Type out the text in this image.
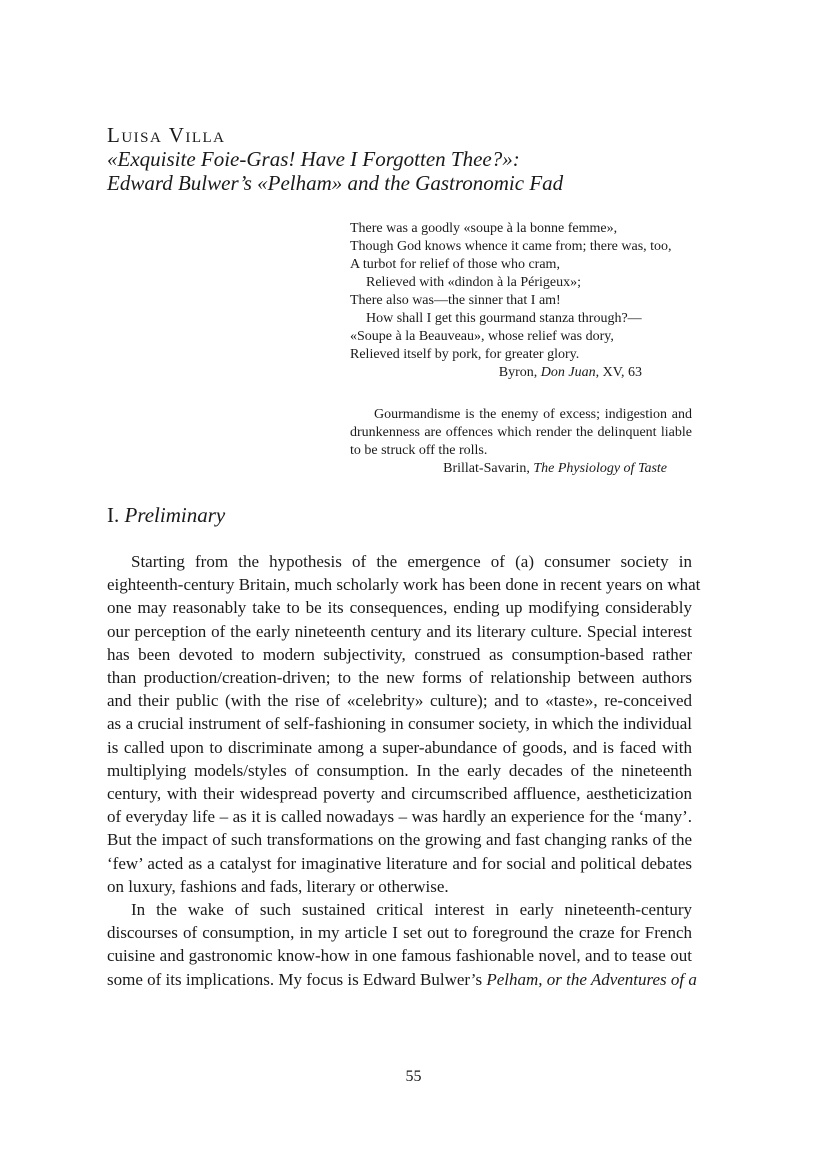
Luisa Villa

«Exquisite Foie-Gras! Have I Forgotten Thee?»:

Edward Bulwer’s «Pelham» and the Gastronomic Fad

There was a goodly «soupe à la bonne femme»,
Though God knows whence it came from; there was, too,
A turbot for relief of those who cram,
Relieved with «dindon à la Périgeux»;
There also was—the sinner that I am!
How shall I get this gourmand stanza through?—
«Soupe à la Beauveau», whose relief was dory,
Relieved itself by pork, for greater glory.
Byron, Don Juan, XV, 63

Gourmandisme is the enemy of excess; indigestion and drunkenness are offences which render the delinquent liable to be struck off the rolls.

Brillat-Savarin, The Physiology of Taste
I. Preliminary
Starting from the hypothesis of the emergence of (a) consumer society in
eighteenth-century Britain, much scholarly work has been done in recent years on what
one may reasonably take to be its consequences, ending up modifying considerably
our perception of the early nineteenth century and its literary culture. Special interest
has been devoted to modern subjectivity, construed as consumption-based rather
than production/creation-driven; to the new forms of relationship between authors
and their public (with the rise of «celebrity» culture); and to «taste», re-conceived
as a crucial instrument of self-fashioning in consumer society, in which the individual
is called upon to discriminate among a super-abundance of goods, and is faced with
multiplying models/styles of consumption. In the early decades of the nineteenth
century, with their widespread poverty and circumscribed affluence, aestheticization
of everyday life – as it is called nowadays – was hardly an experience for the ‘many’.
But the impact of such transformations on the growing and fast changing ranks of the
‘few’ acted as a catalyst for imaginative literature and for social and political debates
on luxury, fashions and fads, literary or otherwise.
In the wake of such sustained critical interest in early nineteenth-century
discourses of consumption, in my article I set out to foreground the craze for French
cuisine and gastronomic know-how in one famous fashionable novel, and to tease out
some of its implications. My focus is Edward Bulwer’s Pelham, or the Adventures of a
55
